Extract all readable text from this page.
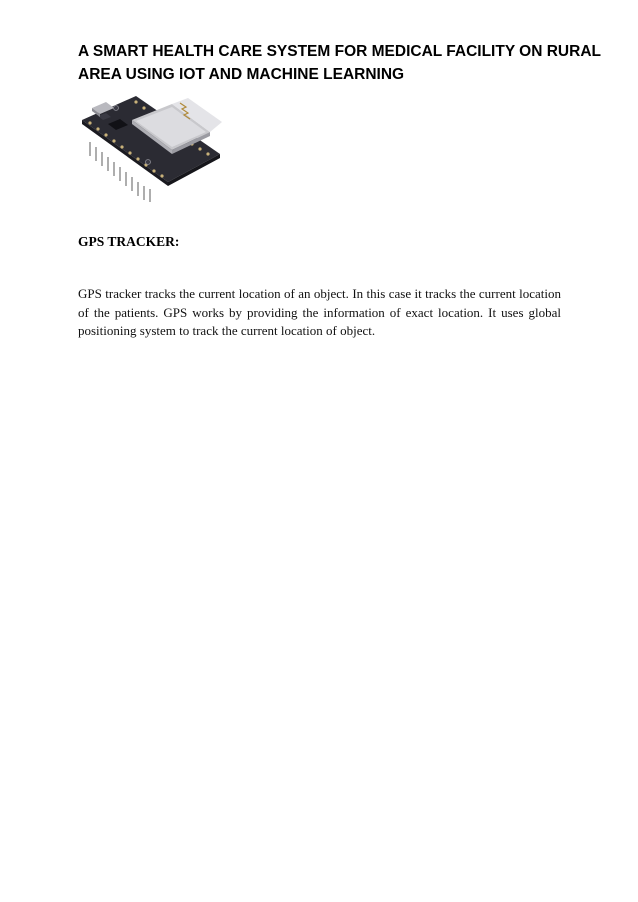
A SMART HEALTH CARE SYSTEM FOR MEDICAL FACILITY ON RURAL
AREA USING IOT AND MACHINE LEARNING
GPS TRACKER:

GPS tracker tracks the current location of an object. In this case it tracks the current location of the patients. GPS works by providing the information of exact location. It uses global positioning system to track the current location of object.
